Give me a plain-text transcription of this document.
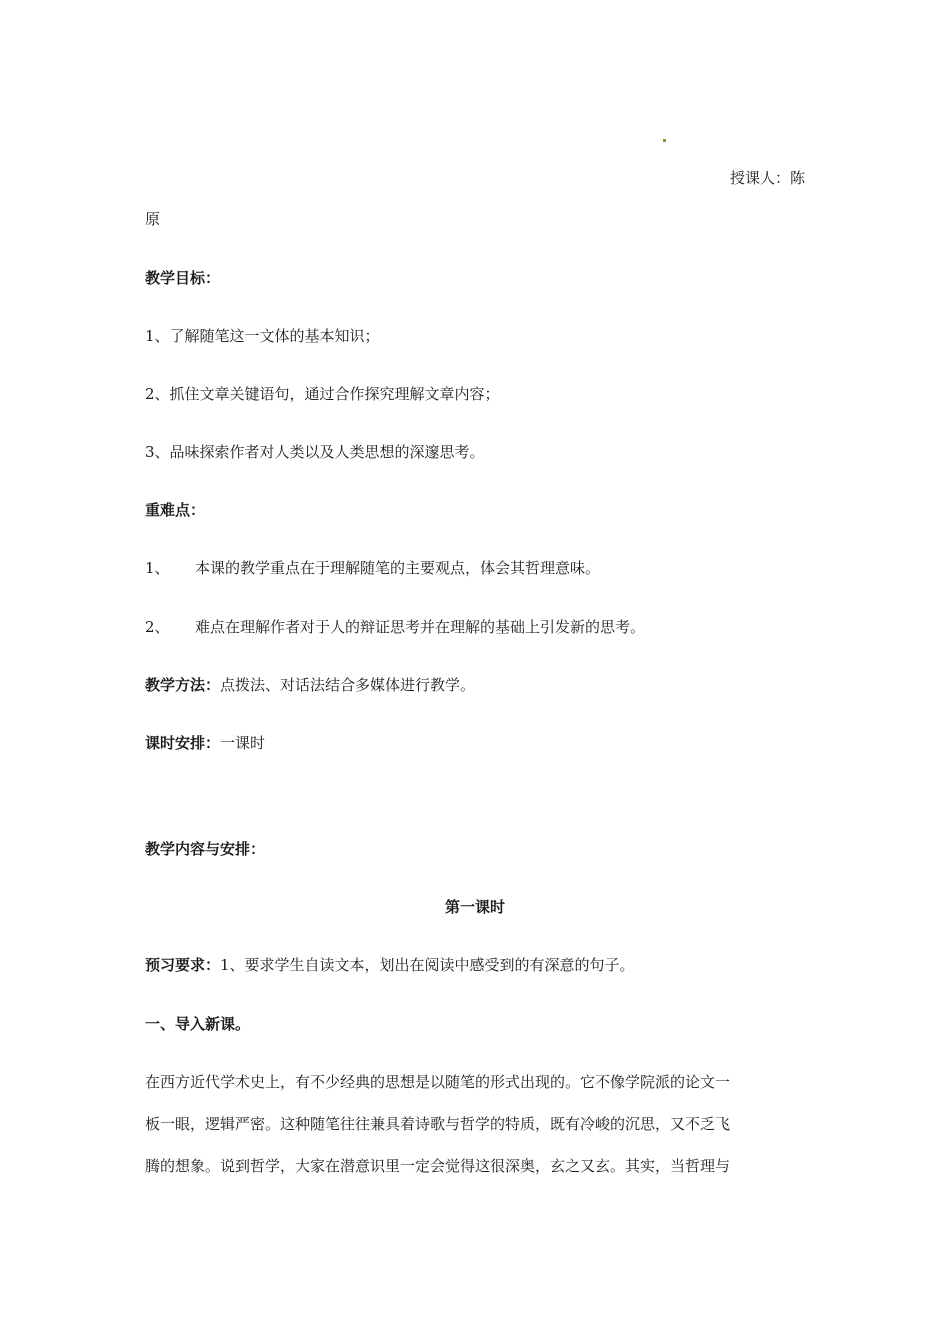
授课人：陈
原
教学目标：
1、了解随笔这一文体的基本知识；
2、抓住文章关键语句，通过合作探究理解文章内容；
3、品味探索作者对人类以及人类思想的深邃思考。
重难点：
1、 本课的教学重点在于理解随笔的主要观点，体会其哲理意味。
2、 难点在理解作者对于人的辩证思考并在理解的基础上引发新的思考。
教学方法：点拨法、对话法结合多媒体进行教学。
课时安排：一课时
教学内容与安排：
第一课时
预习要求：1、要求学生自读文本，划出在阅读中感受到的有深意的句子。
一、导入新课。
在西方近代学术史上，有不少经典的思想是以随笔的形式出现的。它不像学院派的论文一
板一眼，逻辑严密。这种随笔往往兼具着诗歌与哲学的特质，既有冷峻的沉思，又不乏飞
腾的想象。说到哲学，大家在潜意识里一定会觉得这很深奥，玄之又玄。其实，当哲理与
